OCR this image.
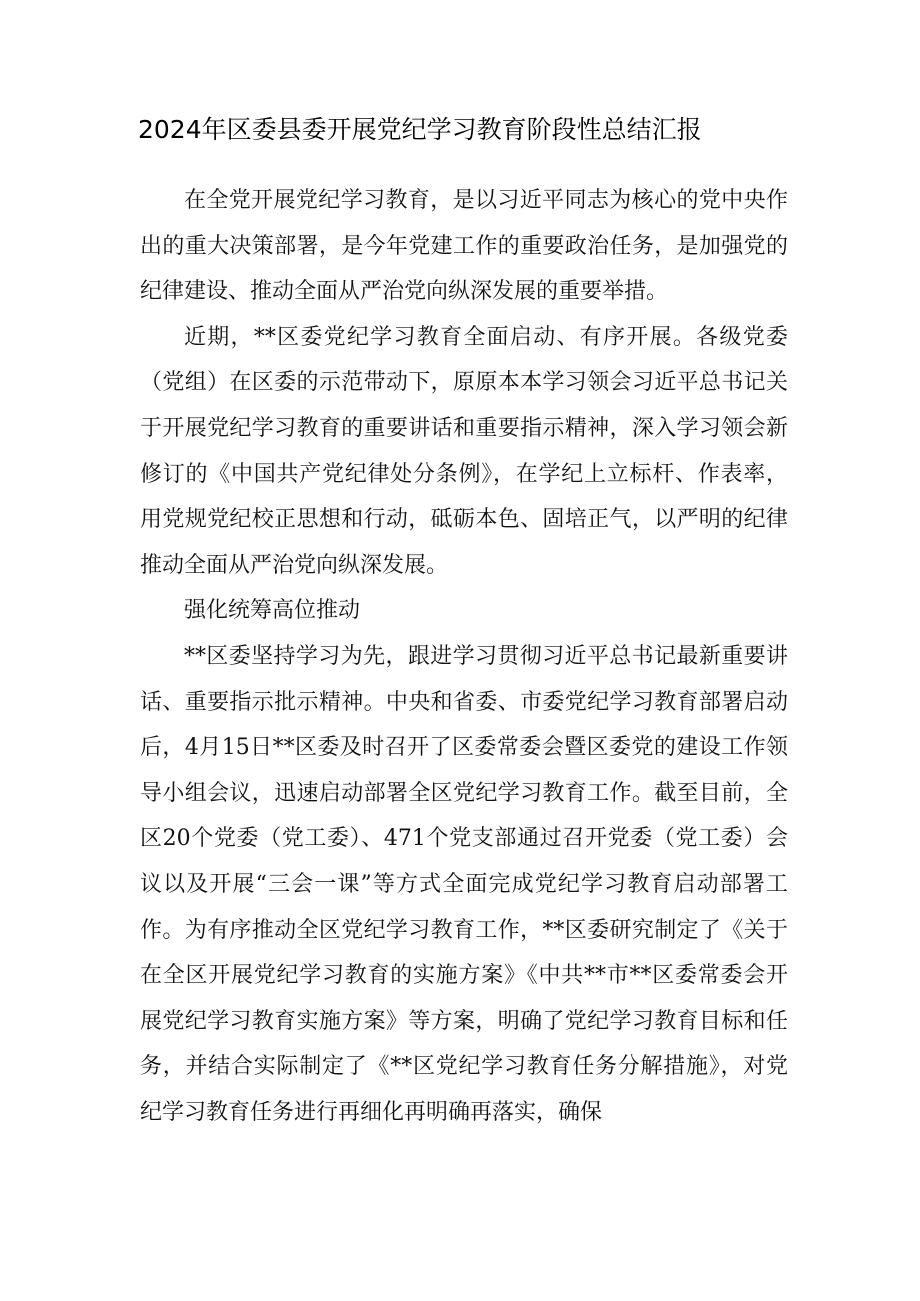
2024年区委县委开展党纪学习教育阶段性总结汇报

在全党开展党纪学习教育，是以习近平同志为核心的党中央作出的重大决策部署，是今年党建工作的重要政治任务，是加强党的纪律建设、推动全面从严治党向纵深发展的重要举措。

近期，**区委党纪学习教育全面启动、有序开展。各级党委（党组）在区委的示范带动下，原原本本学习领会习近平总书记关于开展党纪学习教育的重要讲话和重要指示精神，深入学习领会新修订的《中国共产党纪律处分条例》，在学纪上立标杆、作表率，用党规党纪校正思想和行动，砥砺本色、固培正气，以严明的纪律推动全面从严治党向纵深发展。

强化统筹高位推动

**区委坚持学习为先，跟进学习贯彻习近平总书记最新重要讲话、重要指示批示精神。中央和省委、市委党纪学习教育部署启动后，4月15日**区委及时召开了区委常委会暨区委党的建设工作领导小组会议，迅速启动部署全区党纪学习教育工作。截至目前，全区20个党委（党工委）、471个党支部通过召开党委（党工委）会议以及开展“三会一课”等方式全面完成党纪学习教育启动部署工作。为有序推动全区党纪学习教育工作，**区委研究制定了《关于在全区开展党纪学习教育的实施方案》《中共**市**区委常委会开展党纪学习教育实施方案》等方案，明确了党纪学习教育目标和任务，并结合实际制定了《**区党纪学习教育任务分解措施》，对党纪学习教育任务进行再细化再明确再落实，确保
